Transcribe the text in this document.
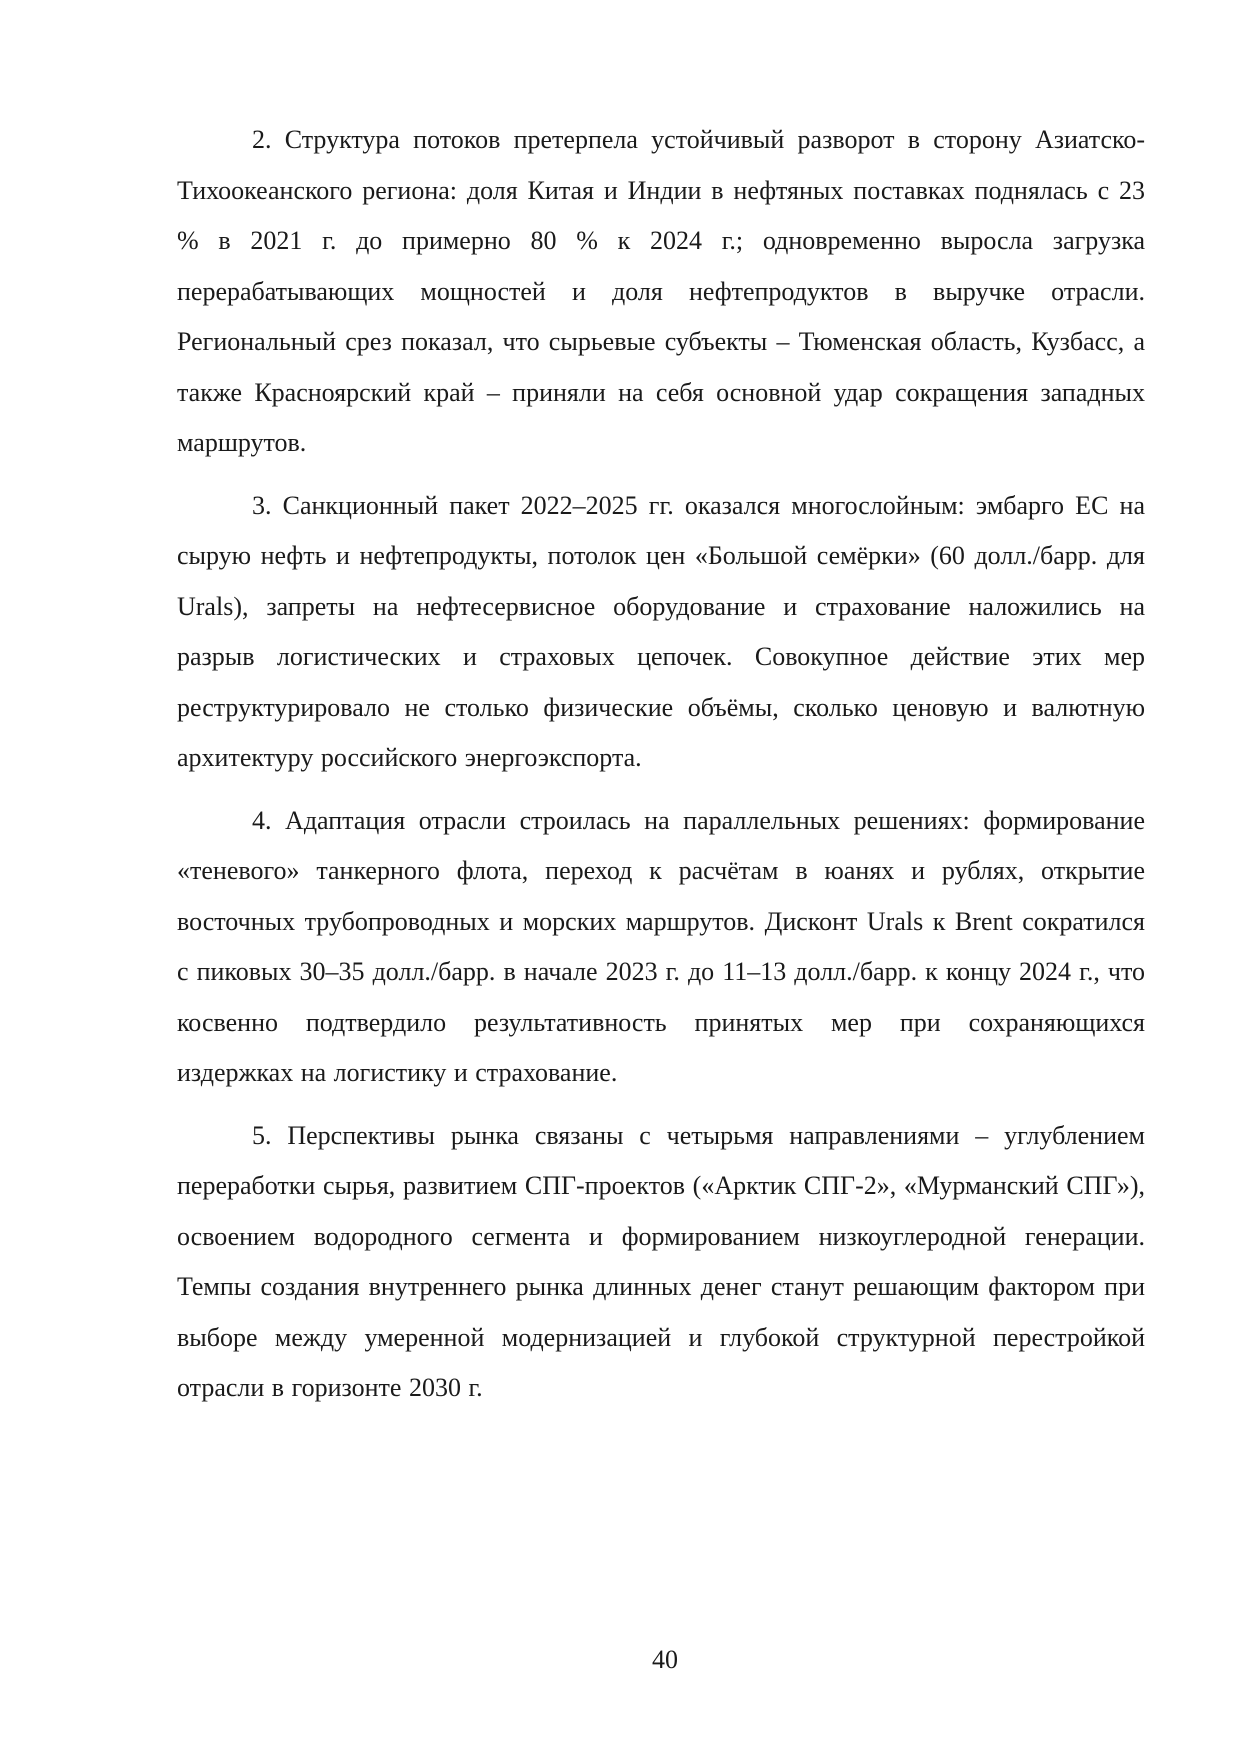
2. Структура потоков претерпела устойчивый разворот в сторону Азиатско-Тихоокеанского региона: доля Китая и Индии в нефтяных поставках поднялась с 23 % в 2021 г. до примерно 80 % к 2024 г.; одновременно выросла загрузка перерабатывающих мощностей и доля нефтепродуктов в выручке отрасли. Региональный срез показал, что сырьевые субъекты – Тюменская область, Кузбасс, а также Красноярский край – приняли на себя основной удар сокращения западных маршрутов.

3. Санкционный пакет 2022–2025 гг. оказался многослойным: эмбарго ЕС на сырую нефть и нефтепродукты, потолок цен «Большой семёрки» (60 долл./барр. для Urals), запреты на нефтесервисное оборудование и страхование наложились на разрыв логистических и страховых цепочек. Совокупное действие этих мер реструктурировало не столько физические объёмы, сколько ценовую и валютную архитектуру российского энергоэкспорта.

4. Адаптация отрасли строилась на параллельных решениях: формирование «теневого» танкерного флота, переход к расчётам в юанях и рублях, открытие восточных трубопроводных и морских маршрутов. Дисконт Urals к Brent сократился с пиковых 30–35 долл./барр. в начале 2023 г. до 11–13 долл./барр. к концу 2024 г., что косвенно подтвердило результативность принятых мер при сохраняющихся издержках на логистику и страхование.

5. Перспективы рынка связаны с четырьмя направлениями – углублением переработки сырья, развитием СПГ-проектов («Арктик СПГ-2», «Мурманский СПГ»), освоением водородного сегмента и формированием низкоуглеродной генерации. Темпы создания внутреннего рынка длинных денег станут решающим фактором при выборе между умеренной модернизацией и глубокой структурной перестройкой отрасли в горизонте 2030 г.

40
